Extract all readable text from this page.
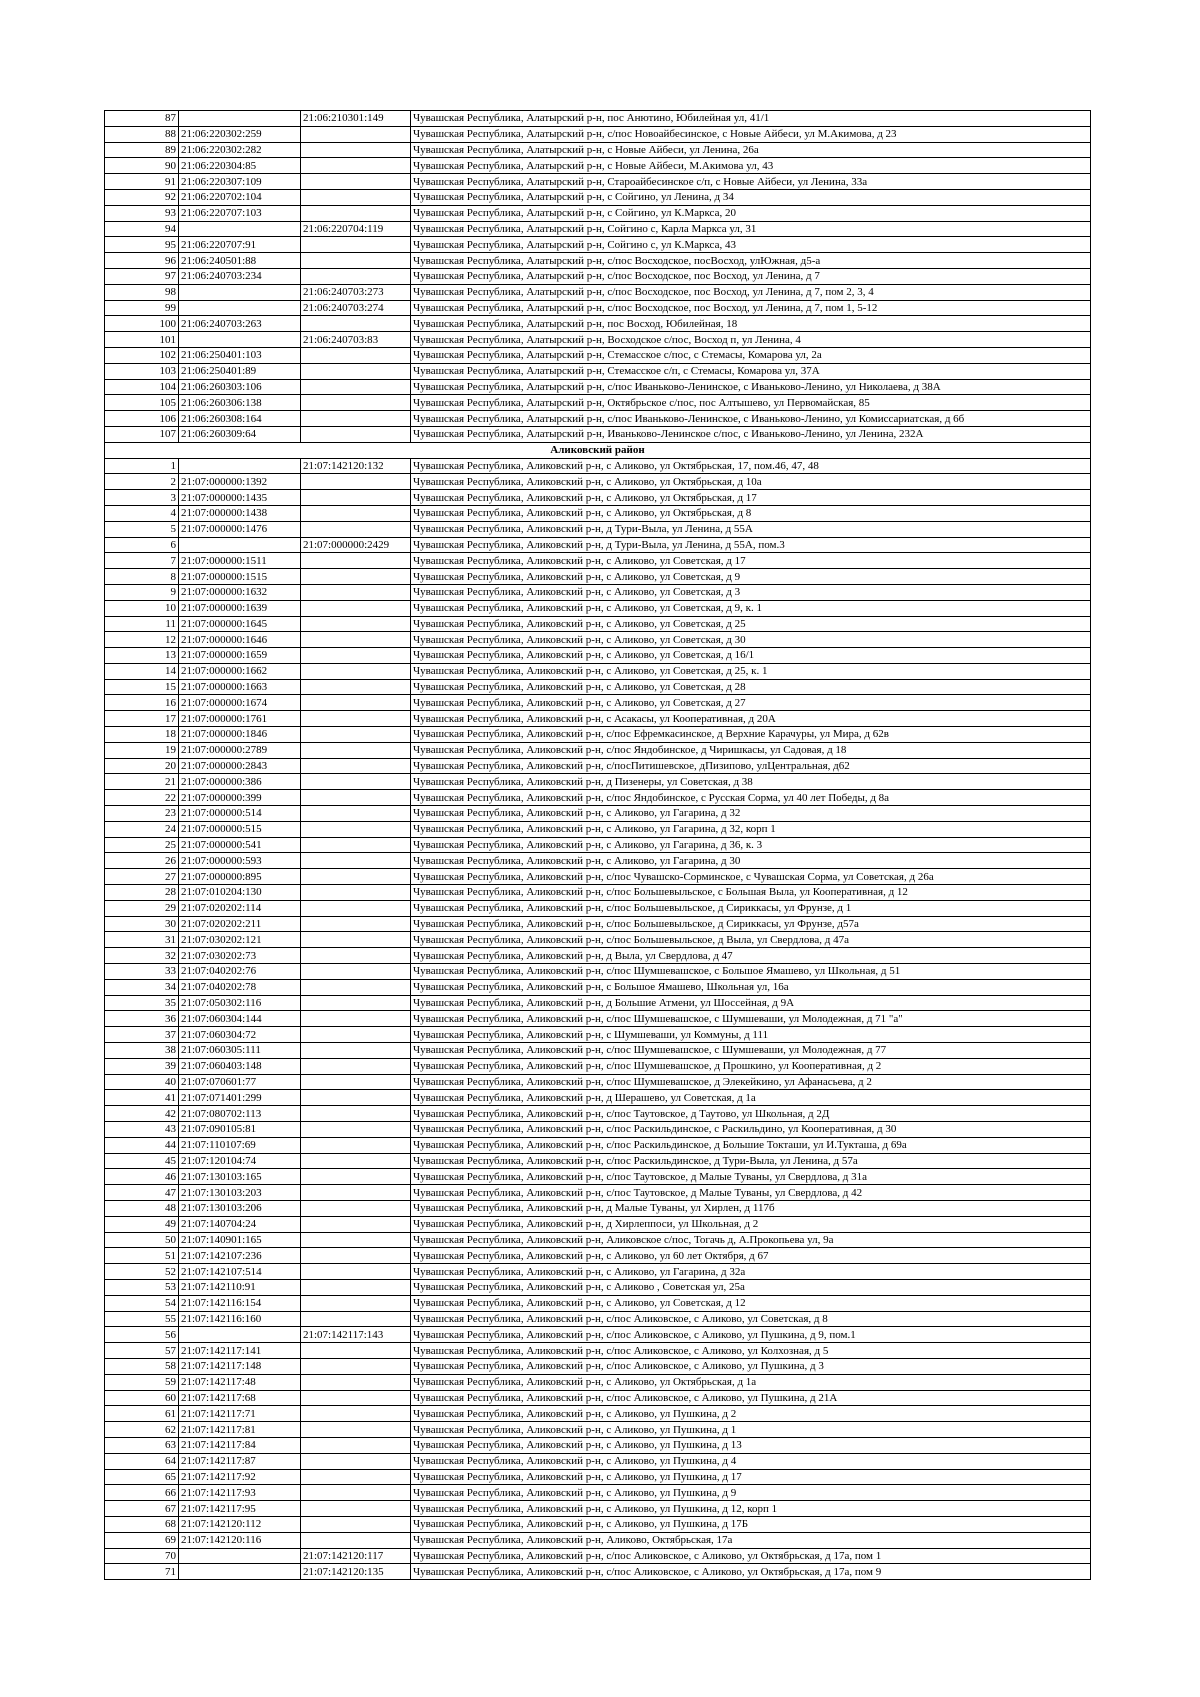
87		21:06:210301:149	Чувашская Республика, Алатырский р-н, пос Анютино, Юбилейная ул, 41/1
88	21:06:220302:259		Чувашская Республика, Алатырский р-н, с/пос Новоайбесинское, с Новые Айбеси, ул М.Акимова, д 23
89	21:06:220302:282		Чувашская Республика, Алатырский р-н, с Новые Айбеси, ул Ленина, 26а
90	21:06:220304:85		Чувашская Республика, Алатырский р-н, с Новые Айбеси, М.Акимова ул, 43
91	21:06:220307:109		Чувашская Республика, Алатырский р-н, Староайбесинское с/п, с Новые Айбеси, ул Ленина, 33а
92	21:06:220702:104		Чувашская Республика, Алатырский р-н, с Сойгино, ул Ленина, д 34
93	21:06:220707:103		Чувашская Республика, Алатырский р-н, с Сойгино, ул К.Маркса, 20
94		21:06:220704:119	Чувашская Республика, Алатырский р-н, Сойгино с, Карла Маркса ул, 31
95	21:06:220707:91		Чувашская Республика, Алатырский р-н, Сойгино с, ул К.Маркса, 43
96	21:06:240501:88		Чувашская Республика, Алатырский р-н, с/пос Восходское, посВосход, улЮжная, д5-а
97	21:06:240703:234		Чувашская Республика, Алатырский р-н, с/пос Восходское, пос Восход, ул Ленина, д 7
98		21:06:240703:273	Чувашская Республика, Алатырский р-н, с/пос Восходское, пос Восход, ул Ленина, д 7, пом 2, 3, 4
99		21:06:240703:274	Чувашская Республика, Алатырский р-н, с/пос Восходское, пос Восход, ул Ленина, д 7, пом 1, 5-12
100	21:06:240703:263		Чувашская Республика, Алатырский р-н, пос Восход, Юбилейная, 18
101		21:06:240703:83	Чувашская Республика, Алатырский р-н, Восходское с/пос, Восход п, ул Ленина, 4
102	21:06:250401:103		Чувашская Республика, Алатырский р-н, Стемасское с/пос, с Стемасы, Комарова ул, 2а
103	21:06:250401:89		Чувашская Республика, Алатырский р-н, Стемасское с/п, с Стемасы, Комарова ул, 37А
104	21:06:260303:106		Чувашская Республика, Алатырский р-н, с/пос Иваньково-Ленинское, с Иваньково-Ленино, ул Николаева, д 38А
105	21:06:260306:138		Чувашская Республика, Алатырский р-н, Октябрьское с/пос, пос Алтышево, ул Первомайская, 85
106	21:06:260308:164		Чувашская Республика, Алатырский р-н, с/пос Иваньково-Ленинское, с Иваньково-Ленино, ул Комиссариатская, д 6б
107	21:06:260309:64		Чувашская Республика, Алатырский р-н, Иваньково-Ленинское с/пос, с Иваньково-Ленино, ул Ленина, 232А
Аликовский район			
1		21:07:142120:132	Чувашская Республика, Аликовский р-н, с Аликово, ул Октябрьская, 17, пом.46, 47, 48
2	21:07:000000:1392		Чувашская Республика, Аликовский р-н, с Аликово, ул Октябрьская, д 10а
3	21:07:000000:1435		Чувашская Республика, Аликовский р-н, с Аликово, ул Октябрьская, д 17
4	21:07:000000:1438		Чувашская Республика, Аликовский р-н, с Аликово, ул Октябрьская, д 8
5	21:07:000000:1476		Чувашская Республика, Аликовский р-н, д Тури-Выла, ул Ленина, д 55А
6		21:07:000000:2429	Чувашская Республика, Аликовский р-н, д Тури-Выла, ул Ленина, д 55А, пом.3
7	21:07:000000:1511		Чувашская Республика, Аликовский р-н, с Аликово, ул Советская, д 17
8	21:07:000000:1515		Чувашская Республика, Аликовский р-н, с Аликово, ул Советская, д 9
9	21:07:000000:1632		Чувашская Республика, Аликовский р-н, с Аликово, ул Советская, д 3
10	21:07:000000:1639		Чувашская Республика, Аликовский р-н, с Аликово, ул Советская, д 9, к. 1
11	21:07:000000:1645		Чувашская Республика, Аликовский р-н, с Аликово, ул Советская, д 25
12	21:07:000000:1646		Чувашская Республика, Аликовский р-н, с Аликово, ул Советская, д 30
13	21:07:000000:1659		Чувашская Республика, Аликовский р-н, с Аликово, ул Советская, д 16/1
14	21:07:000000:1662		Чувашская Республика, Аликовский р-н, с Аликово, ул Советская, д 25, к. 1
15	21:07:000000:1663		Чувашская Республика, Аликовский р-н, с Аликово, ул Советская, д 28
16	21:07:000000:1674		Чувашская Республика, Аликовский р-н, с Аликово, ул Советская, д 27
17	21:07:000000:1761		Чувашская Республика, Аликовский р-н, с Асакасы, ул Кооперативная, д 20А
18	21:07:000000:1846		Чувашская Республика, Аликовский р-н, с/пос Ефремкасинское, д Верхние Карачуры, ул Мира, д 62в
19	21:07:000000:2789		Чувашская Республика, Аликовский р-н, с/пос Яндобинское, д Чиришкасы, ул Садовая, д 18
20	21:07:000000:2843		Чувашская Республика, Аликовский р-н, с/посПитишевское, дПизипово, улЦентральная, д62
21	21:07:000000:386		Чувашская Республика, Аликовский р-н, д Пизенеры, ул Советская, д 38
22	21:07:000000:399		Чувашская Республика, Аликовский р-н, с/пос Яндобинское, с Русская Сорма, ул 40 лет Победы, д 8а
23	21:07:000000:514		Чувашская Республика, Аликовский р-н, с Аликово, ул Гагарина, д 32
24	21:07:000000:515		Чувашская Республика, Аликовский р-н, с Аликово, ул Гагарина, д 32, корп 1
25	21:07:000000:541		Чувашская Республика, Аликовский р-н, с Аликово, ул Гагарина, д 36, к. 3
26	21:07:000000:593		Чувашская Республика, Аликовский р-н, с Аликово, ул Гагарина, д 30
27	21:07:000000:895		Чувашская Республика, Аликовский р-н, с/пос Чувашско-Сорминское, с Чувашская Сорма, ул Советская, д 26а
28	21:07:010204:130		Чувашская Республика, Аликовский р-н, с/пос Большевыльское, с Большая Выла, ул Кооперативная, д 12
29	21:07:020202:114		Чувашская Республика, Аликовский р-н, с/пос Большевыльское, д Сириккасы, ул Фрунзе, д 1
30	21:07:020202:211		Чувашская Республика, Аликовский р-н, с/пос Большевыльское, д Сириккасы, ул Фрунзе, д57а
31	21:07:030202:121		Чувашская Республика, Аликовский р-н, с/пос Большевыльское, д Выла, ул Свердлова, д 47а
32	21:07:030202:73		Чувашская Республика, Аликовский р-н, д Выла, ул Свердлова, д 47
33	21:07:040202:76		Чувашская Республика, Аликовский р-н, с/пос Шумшевашское, с Большое Ямашево, ул Школьная, д 51
34	21:07:040202:78		Чувашская Республика, Аликовский р-н, с Большое Ямашево, Школьная ул, 16а
35	21:07:050302:116		Чувашская Республика, Аликовский р-н, д Большие Атмени, ул Шоссейная, д 9А
36	21:07:060304:144		Чувашская Республика, Аликовский р-н, с/пос Шумшевашское, с Шумшеваши, ул Молодежная, д 71 "а"
37	21:07:060304:72		Чувашская Республика, Аликовский р-н, с Шумшеваши, ул Коммуны, д 111
38	21:07:060305:111		Чувашская Республика, Аликовский р-н, с/пос Шумшевашское, с Шумшеваши, ул Молодежная, д 77
39	21:07:060403:148		Чувашская Республика, Аликовский р-н, с/пос Шумшевашское, д Прошкино, ул Кооперативная, д 2
40	21:07:070601:77		Чувашская Республика, Аликовский р-н, с/пос Шумшевашское, д Элекейкино, ул Афанасьева, д 2
41	21:07:071401:299		Чувашская Республика, Аликовский р-н, д Шерашево, ул Советская, д 1а
42	21:07:080702:113		Чувашская Республика, Аликовский р-н, с/пос Таутовское, д Таутово, ул Школьная, д 2Д
43	21:07:090105:81		Чувашская Республика, Аликовский р-н, с/пос Раскильдинское, с Раскильдино, ул Кооперативная, д 30
44	21:07:110107:69		Чувашская Республика, Аликовский р-н, с/пос Раскильдинское, д Большие Токташи, ул И.Тукташа, д 69а
45	21:07:120104:74		Чувашская Республика, Аликовский р-н, с/пос Раскильдинское, д Тури-Выла, ул Ленина, д 57а
46	21:07:130103:165		Чувашская Республика, Аликовский р-н, с/пос Таутовское, д Малые Туваны, ул Свердлова, д 31а
47	21:07:130103:203		Чувашская Республика, Аликовский р-н, с/пос Таутовское, д Малые Туваны, ул Свердлова, д 42
48	21:07:130103:206		Чувашская Республика, Аликовский р-н, д Малые Туваны, ул Хирлен, д 117б
49	21:07:140704:24		Чувашская Республика, Аликовский р-н, д Хирлеппоси, ул Школьная, д 2
50	21:07:140901:165		Чувашская Республика, Аликовский р-н, Аликовское с/пос, Тогачь д, А.Прокопьева ул, 9а
51	21:07:142107:236		Чувашская Республика, Аликовский р-н, с Аликово, ул 60 лет Октября, д 67
52	21:07:142107:514		Чувашская Республика, Аликовский р-н, с Аликово, ул Гагарина, д 32а
53	21:07:142110:91		Чувашская Республика, Аликовский р-н, с Аликово , Советская ул, 25а
54	21:07:142116:154		Чувашская Республика, Аликовский р-н, с Аликово, ул Советская, д 12
55	21:07:142116:160		Чувашская Республика, Аликовский р-н, с/пос Аликовское, с Аликово, ул Советская, д 8
56		21:07:142117:143	Чувашская Республика, Аликовский р-н, с/пос Аликовское, с Аликово, ул Пушкина, д 9, пом.1
57	21:07:142117:141		Чувашская Республика, Аликовский р-н, с/пос Аликовское, с Аликово, ул Колхозная, д 5
58	21:07:142117:148		Чувашская Республика, Аликовский р-н, с/пос Аликовское, с Аликово, ул Пушкина, д 3
59	21:07:142117:48		Чувашская Республика, Аликовский р-н, с Аликово, ул Октябрьская, д 1а
60	21:07:142117:68		Чувашская Республика, Аликовский р-н, с/пос Аликовское, с Аликово, ул Пушкина, д 21А
61	21:07:142117:71		Чувашская Республика, Аликовский р-н, с Аликово, ул Пушкина, д 2
62	21:07:142117:81		Чувашская Республика, Аликовский р-н, с Аликово, ул Пушкина, д 1
63	21:07:142117:84		Чувашская Республика, Аликовский р-н, с Аликово, ул Пушкина, д 13
64	21:07:142117:87		Чувашская Республика, Аликовский р-н, с Аликово, ул Пушкина, д 4
65	21:07:142117:92		Чувашская Республика, Аликовский р-н, с Аликово, ул Пушкина, д 17
66	21:07:142117:93		Чувашская Республика, Аликовский р-н, с Аликово, ул Пушкина, д 9
67	21:07:142117:95		Чувашская Республика, Аликовский р-н, с Аликово, ул Пушкина, д 12, корп 1
68	21:07:142120:112		Чувашская Республика, Аликовский р-н, с Аликово, ул Пушкина, д 17Б
69	21:07:142120:116		Чувашская Республика, Аликовский р-н, Аликово, Октябрьская, 17а
70		21:07:142120:117	Чувашская Республика, Аликовский р-н, с/пос Аликовское, с Аликово, ул Октябрьская, д 17а, пом 1
71		21:07:142120:135	Чувашская Республика, Аликовский р-н, с/пос Аликовское, с Аликово, ул Октябрьская, д 17а, пом 9
